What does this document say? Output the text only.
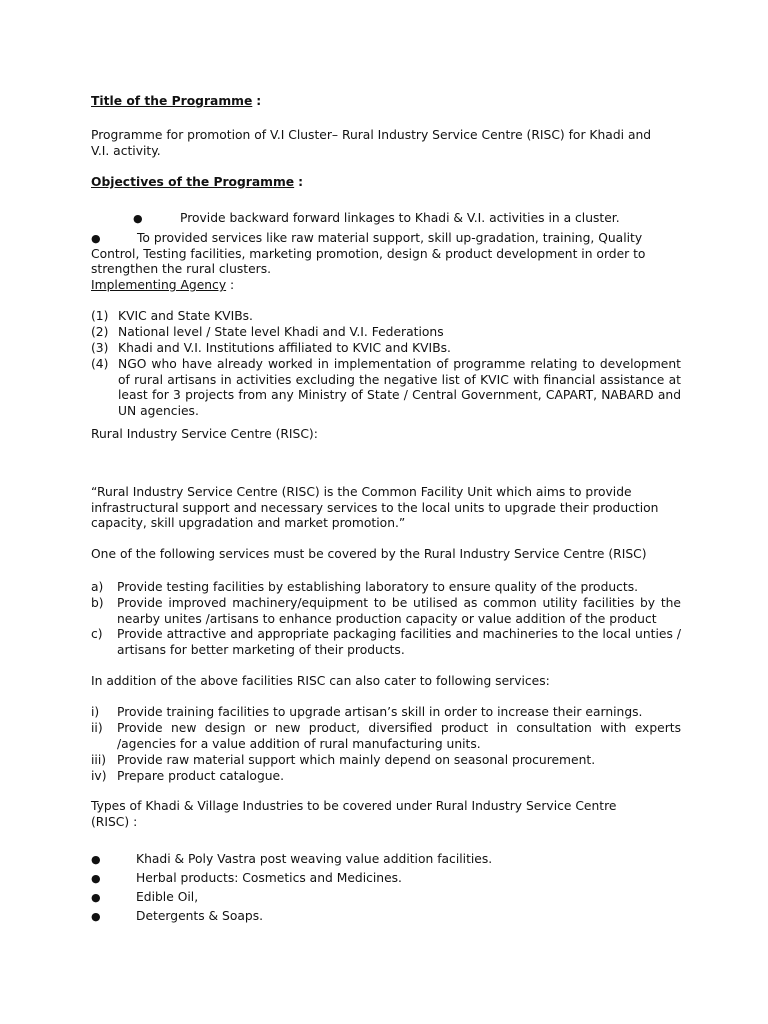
Title of the Programme :

Programme for promotion of V.I Cluster– Rural Industry Service Centre (RISC) for Khadi and V.I. activity.

Objectives of the Programme :

●	Provide backward forward linkages to Khadi & V.I. activities in a cluster.
●	To provided services like raw material support, skill up-gradation, training, Quality Control, Testing facilities, marketing promotion, design & product development in order to strengthen the rural clusters.

Implementing Agency :

(1) KVIC and State KVIBs.
(2) National level / State level Khadi and V.I. Federations
(3) Khadi and V.I. Institutions affiliated to KVIC and KVIBs.
(4) NGO who have already worked in implementation of programme relating to development of rural artisans in activities excluding the negative list of KVIC with financial assistance at least for 3 projects from any Ministry of State / Central Government, CAPART, NABARD and UN agencies.

Rural Industry Service Centre (RISC):

“Rural Industry Service Centre (RISC) is the Common Facility Unit which aims to provide infrastructural support and necessary services to the local units to upgrade their production capacity, skill upgradation and market promotion.”

One of the following services must be covered by the Rural Industry Service Centre (RISC)

a) Provide testing facilities by establishing laboratory to ensure quality of the products.
b) Provide improved machinery/equipment to be utilised as common utility facilities by the nearby unites /artisans to enhance production capacity or value addition of the product
c) Provide attractive and appropriate packaging facilities and machineries to the local unties / artisans for better marketing of their products.

In addition of the above facilities RISC can also cater to following services:

i) Provide training facilities to upgrade artisan’s skill in order to increase their earnings.
ii) Provide new design or new product, diversified product in consultation with experts /agencies for a value addition of rural manufacturing units.
iii) Provide raw material support which mainly depend on seasonal procurement.
iv) Prepare product catalogue.

Types of Khadi & Village Industries to be covered under Rural Industry Service Centre (RISC) :

●	Khadi & Poly Vastra post weaving value addition facilities.
●	Herbal products: Cosmetics and Medicines.
●	Edible Oil,
●	Detergents & Soaps.
